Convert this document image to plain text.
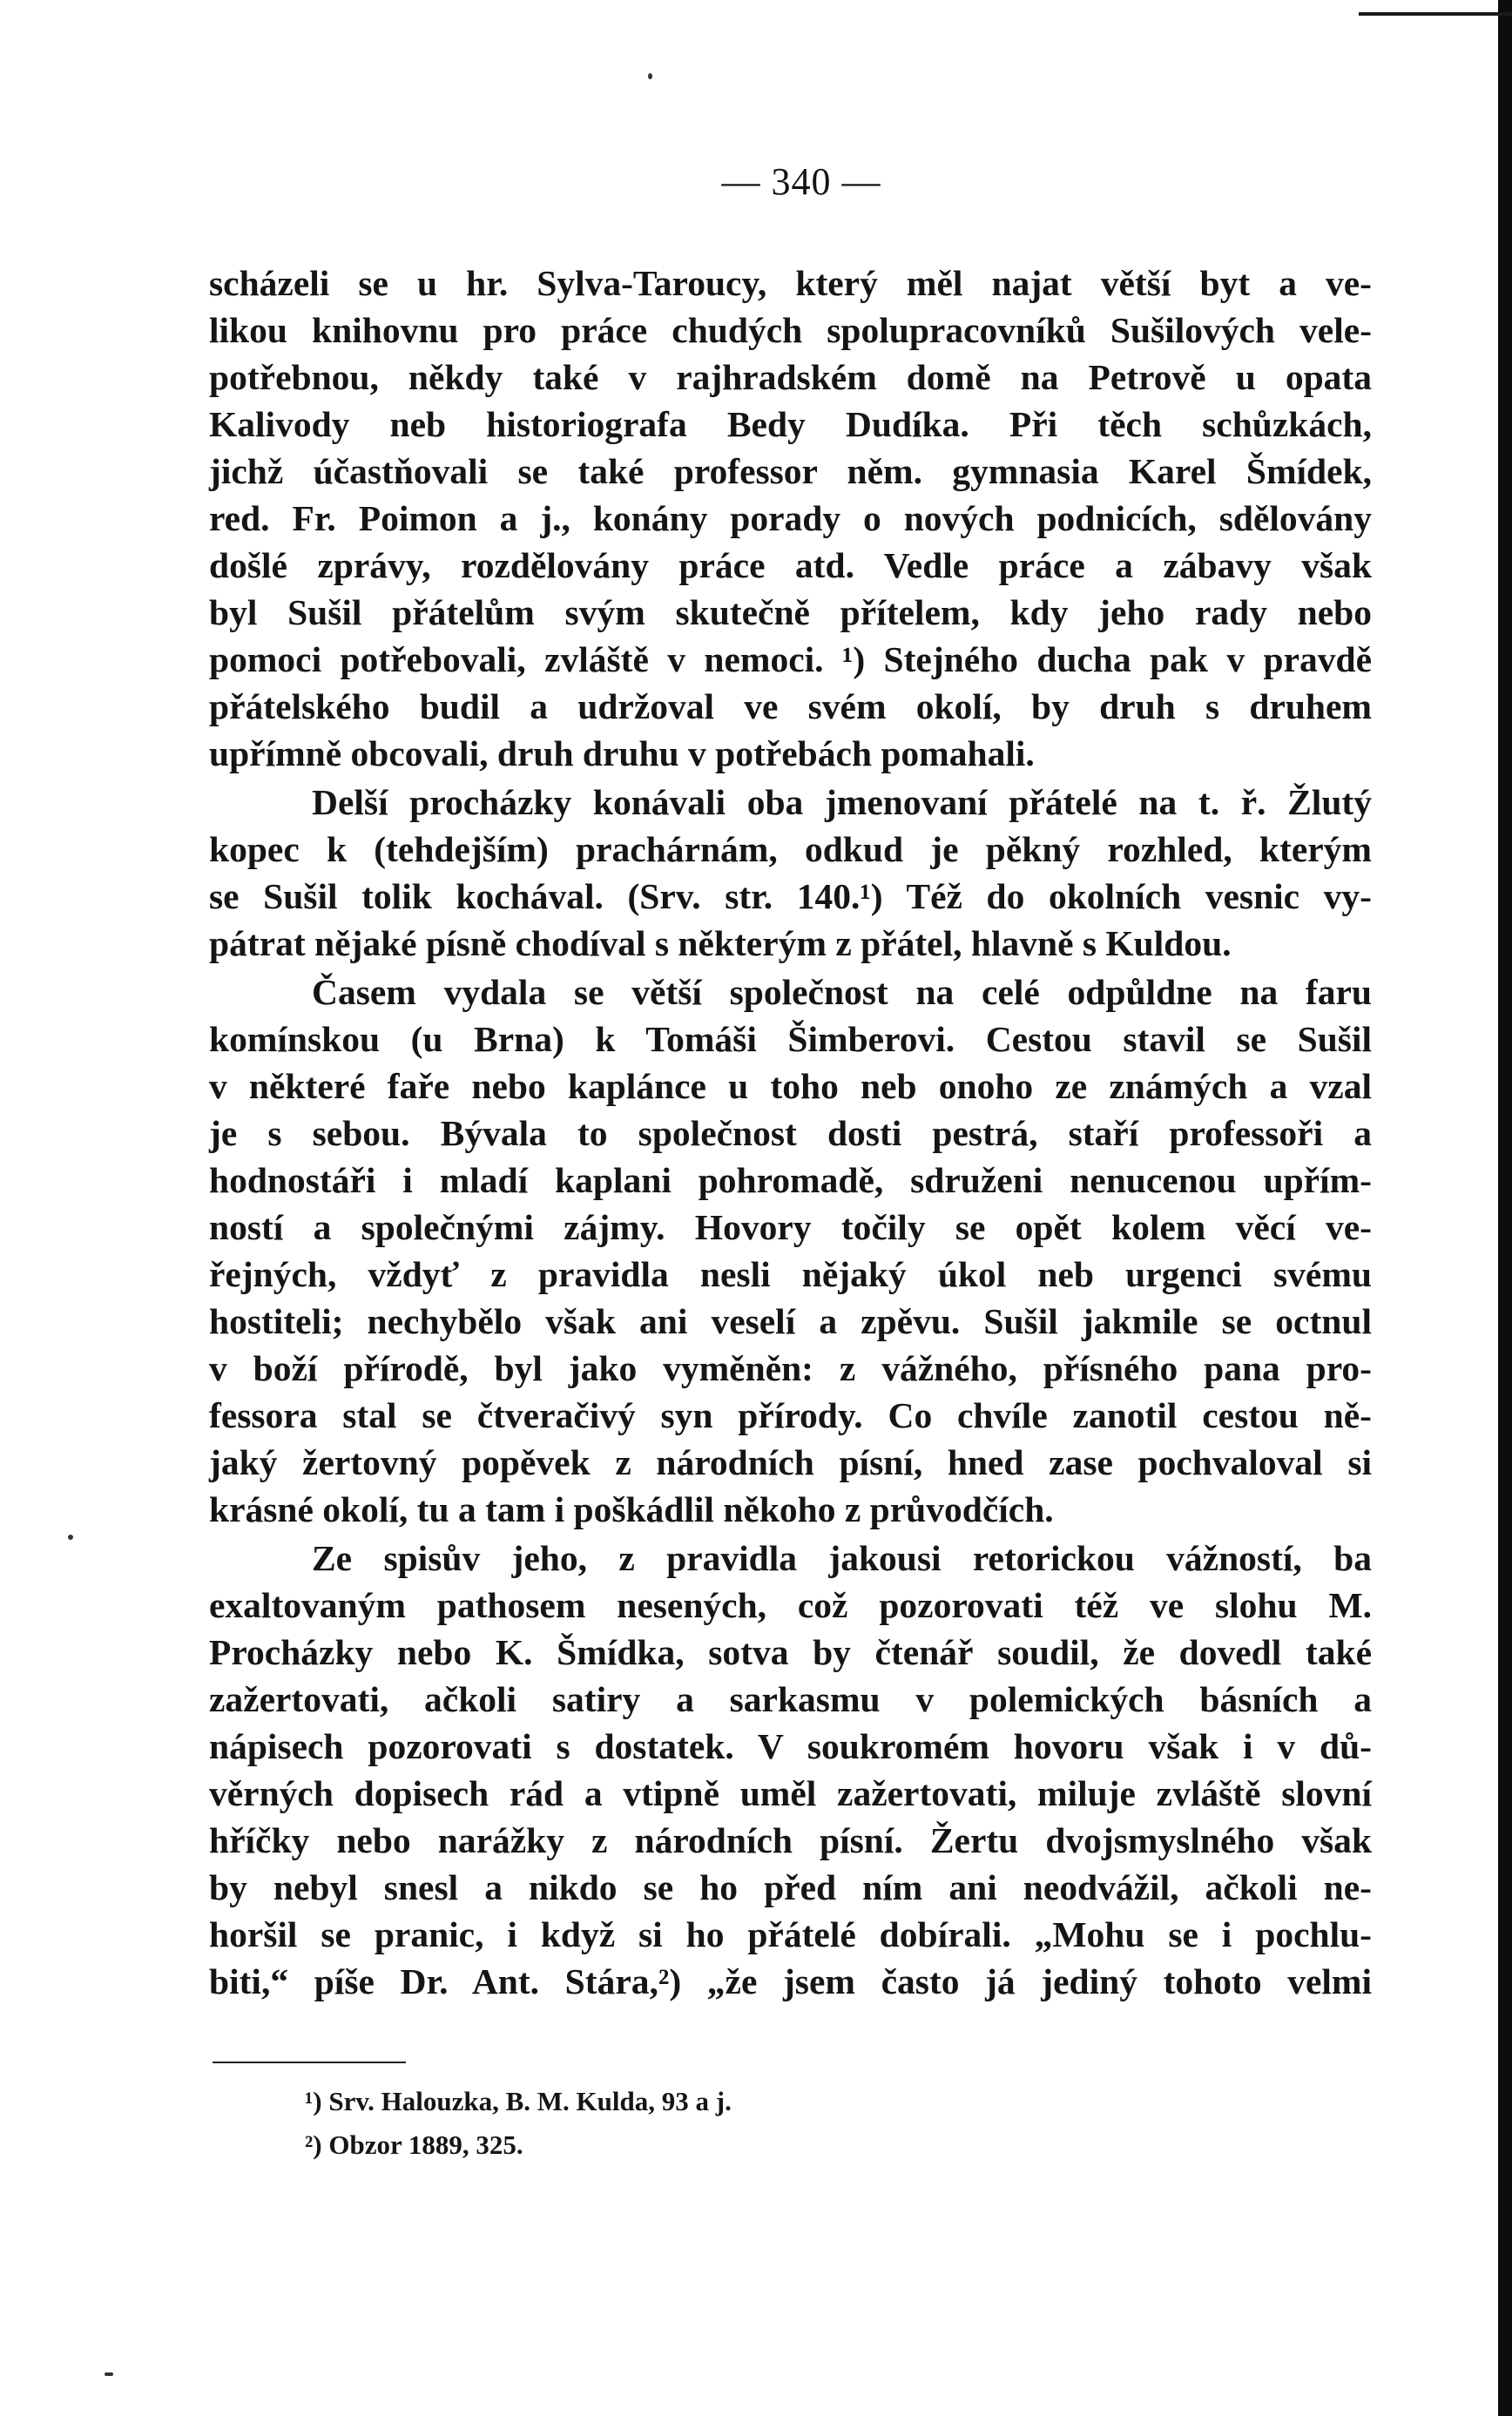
— 340 —
scházeli se u hr. Sylva-Taroucy, který měl najat větší byt a ve-
likou knihovnu pro práce chudých spolupracovníků Sušilových vele-
potřebnou, někdy také v rajhradském domě na Petrově u opata
Kalivody neb historiografa Bedy Dudíka. Při těch schůzkách,
jichž účastňovali se také professor něm. gymnasia Karel Šmídek,
red. Fr. Poimon a j., konány porady o nových podnicích, sdělovány
došlé zprávy, rozdělovány práce atd. Vedle práce a zábavy však
byl Sušil přátelům svým skutečně přítelem, kdy jeho rady nebo
pomoci potřebovali, zvláště v nemoci. ¹) Stejného ducha pak v pravdě
přátelského budil a udržoval ve svém okolí, by druh s druhem
upřímně obcovali, druh druhu v potřebách pomahali.
Delší procházky konávali oba jmenovaní přátelé na t. ř. Žlutý
kopec k (tehdejším) prachárnám, odkud je pěkný rozhled, kterým
se Sušil tolik kochával. (Srv. str. 140.¹) Též do okolních vesnic vy-
pátrat nějaké písně chodíval s některým z přátel, hlavně s Kuldou.
Časem vydala se větší společnost na celé odpůldne na faru
komínskou (u Brna) k Tomáši Šimberovi. Cestou stavil se Sušil
v některé faře nebo kaplánce u toho neb onoho ze známých a vzal
je s sebou. Bývala to společnost dosti pestrá, staří professoři a
hodnostáři i mladí kaplani pohromadě, sdruženi nenucenou upřím-
ností a společnými zájmy. Hovory točily se opět kolem věcí ve-
řejných, vždyť z pravidla nesli nějaký úkol neb urgenci svému
hostiteli; nechybělo však ani veselí a zpěvu. Sušil jakmile se octnul
v boží přírodě, byl jako vyměněn: z vážného, přísného pana pro-
fessora stal se čtveračivý syn přírody. Co chvíle zanotil cestou ně-
jaký žertovný popěvek z národních písní, hned zase pochvaloval si
krásné okolí, tu a tam i poškádlil někoho z průvodčích.
Ze spisův jeho, z pravidla jakousi retorickou vážností, ba
exaltovaným pathosem nesených, což pozorovati též ve slohu M.
Procházky nebo K. Šmídka, sotva by čtenář soudil, že dovedl také
zažertovati, ačkoli satiry a sarkasmu v polemických básních a
nápisech pozorovati s dostatek. V soukromém hovoru však i v dů-
věrných dopisech rád a vtipně uměl zažertovati, miluje zvláště slovní
hříčky nebo narážky z národních písní. Žertu dvojsmyslného však
by nebyl snesl a nikdo se ho před ním ani neodvážil, ačkoli ne-
horšil se pranic, i když si ho přátelé dobírali. „Mohu se i pochlu-
biti,“ píše Dr. Ant. Stára,²) „že jsem často já jediný tohoto velmi
¹) Srv. Halouzka, B. M. Kulda, 93 a j.
²) Obzor 1889, 325.
